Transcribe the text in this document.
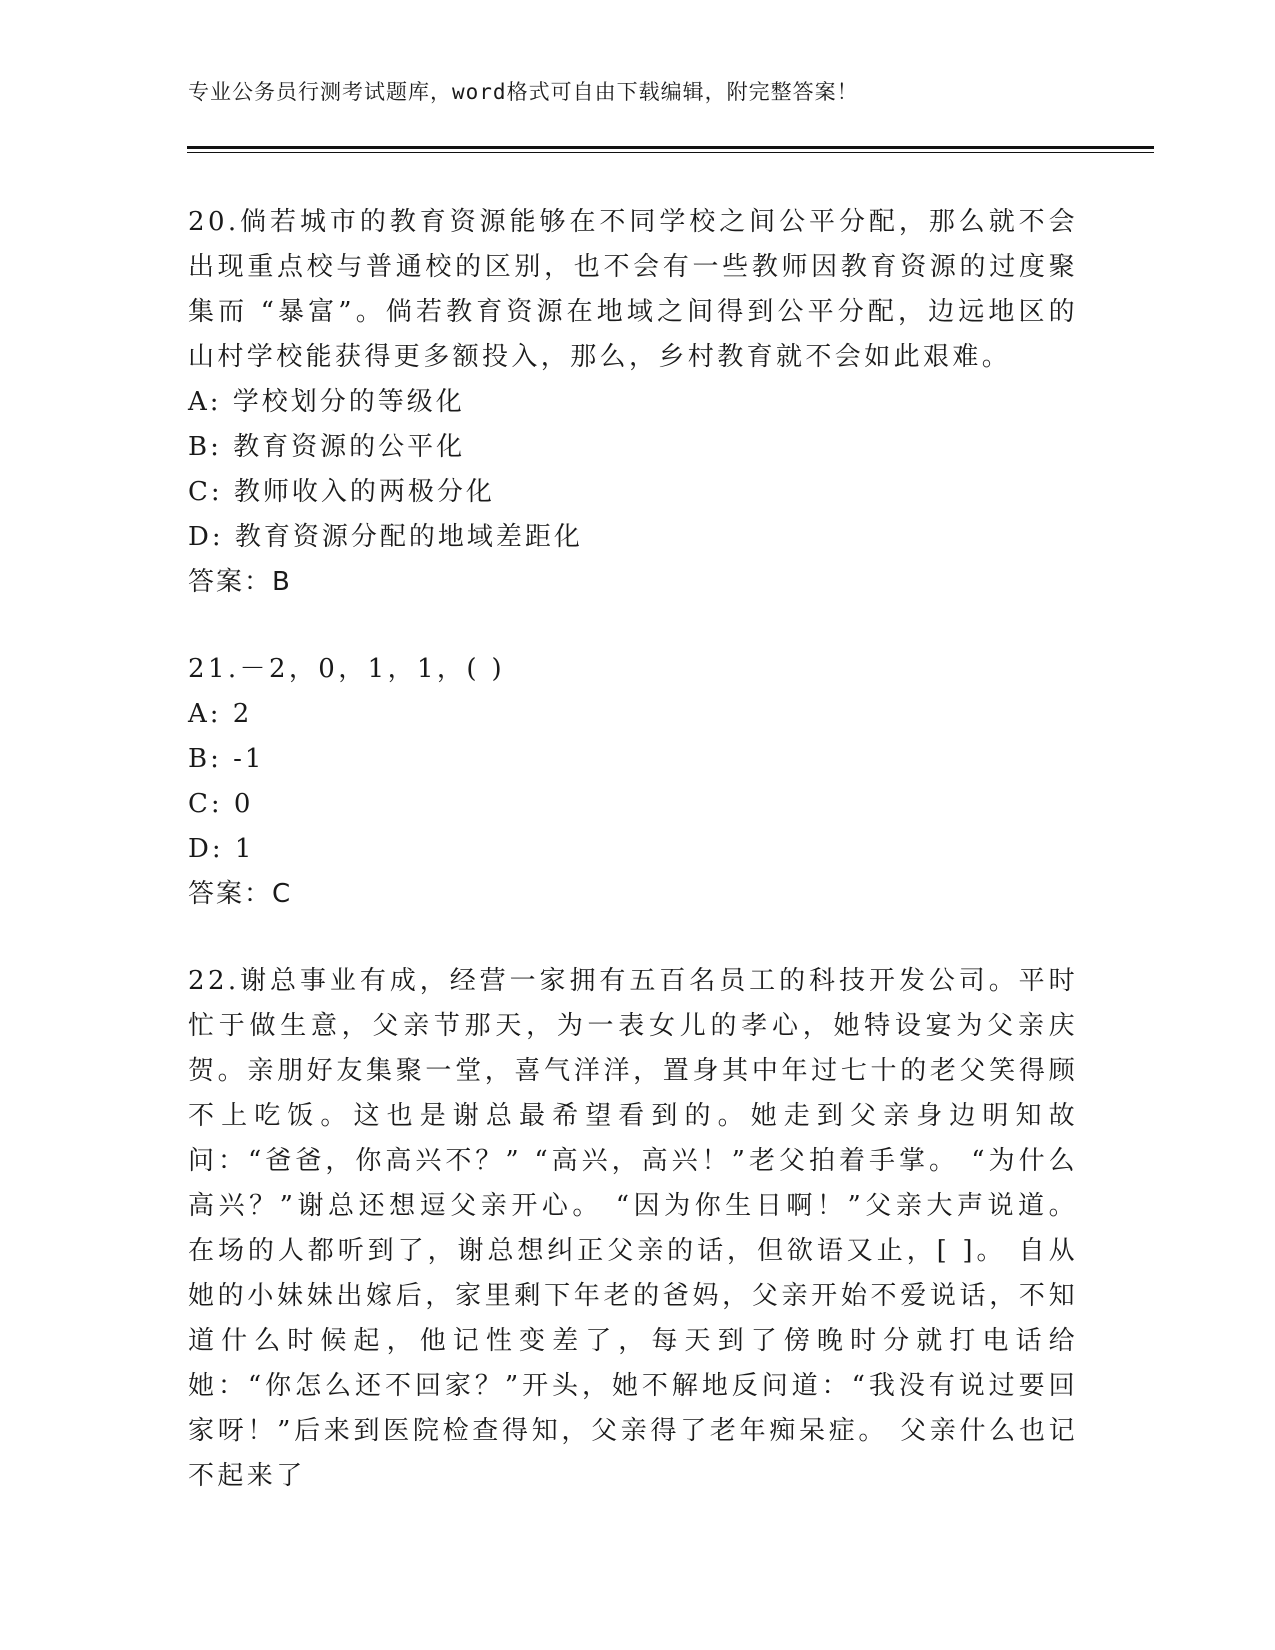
专业公务员行测考试题库，word格式可自由下载编辑，附完整答案！

20.倘若城市的教育资源能够在不同学校之间公平分配，那么就不会出现重点校与普通校的区别，也不会有一些教师因教育资源的过度聚集而 “暴富”。倘若教育资源在地域之间得到公平分配，边远地区的山村学校能获得更多额投入，那么，乡村教育就不会如此艰难。

A: 学校划分的等级化

B: 教育资源的公平化

C: 教师收入的两极分化

D: 教育资源分配的地域差距化

答案：B

21.－2，0，1，1，( )

A: 2

B: -1

C: 0

D: 1

答案：C

22.谢总事业有成，经营一家拥有五百名员工的科技开发公司。平时忙于做生意，父亲节那天，为一表女儿的孝心，她特设宴为父亲庆贺。亲朋好友集聚一堂，喜气洋洋，置身其中年过七十的老父笑得顾不上吃饭。这也是谢总最希望看到的。她走到父亲身边明知故问：“爸爸，你高兴不？” “高兴，高兴！”老父拍着手掌。 “为什么高兴？”谢总还想逗父亲开心。 “因为你生日啊！”父亲大声说道。 在场的人都听到了，谢总想纠正父亲的话，但欲语又止，[ ]。 自从她的小妹妹出嫁后，家里剩下年老的爸妈，父亲开始不爱说话，不知道什么时候起，他记性变差了，每天到了傍晚时分就打电话给她：“你怎么还不回家？”开头，她不解地反问道：“我没有说过要回家呀！”后来到医院检查得知，父亲得了老年痴呆症。 父亲什么也记不起来了
